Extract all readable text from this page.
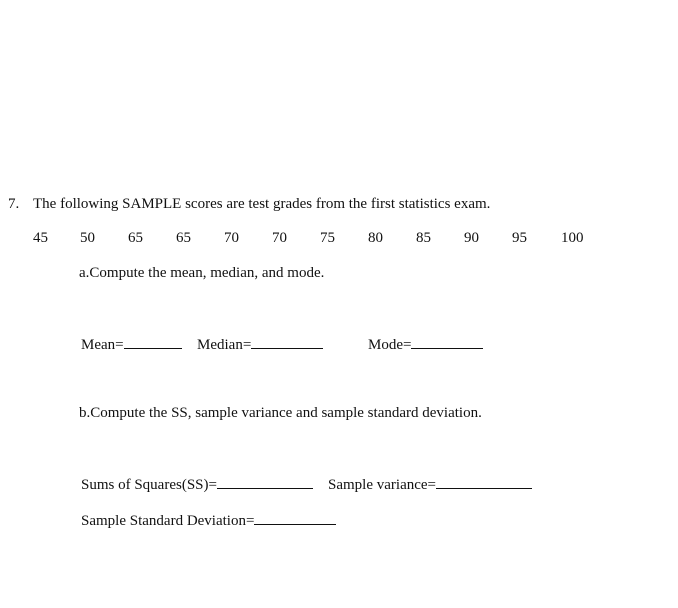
7. The following SAMPLE scores are test grades from the first statistics exam.
45 50 65 65 70 70 75 80 85 90 95 100
a.Compute the mean, median, and mode.
Mean=	Median=	Mode=
b.Compute the SS, sample variance and sample standard deviation.
Sums of Squares(SS)=	Sample variance=
Sample Standard Deviation=
